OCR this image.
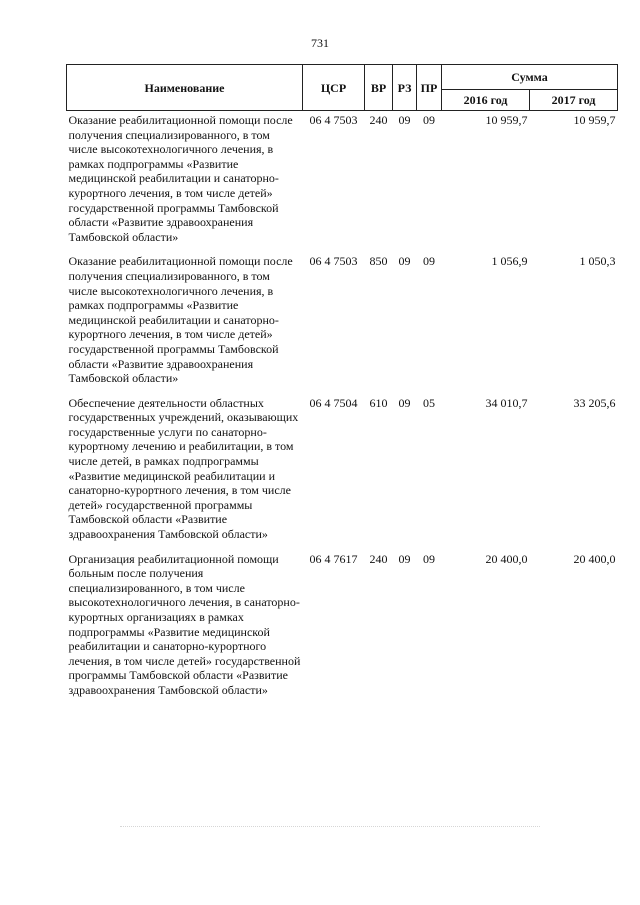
731
Наименование	ЦСР	ВР	РЗ	ПР	Сумма	
					2016 год	2017 год
Оказание реабилитационной помощи после получения специализированного, в том числе высокотехнологичного лечения, в рамках подпрограммы «Развитие медицинской реабилитации и санаторно-курортного лечения, в том числе детей» государственной программы Тамбовской области «Развитие здравоохранения Тамбовской области»	06 4 7503	240	09	09	10 959,7	10 959,7
Оказание реабилитационной помощи после получения специализированного, в том числе высокотехнологичного лечения, в рамках подпрограммы «Развитие медицинской реабилитации и санаторно-курортного лечения, в том числе детей» государственной программы Тамбовской области «Развитие здравоохранения Тамбовской области»	06 4 7503	850	09	09	1 056,9	1 050,3
Обеспечение деятельности областных государственных учреждений, оказывающих государственные услуги по санаторно-курортному лечению и реабилитации, в том числе детей, в рамках подпрограммы «Развитие медицинской реабилитации и санаторно-курортного лечения, в том числе детей» государственной программы Тамбовской области «Развитие здравоохранения Тамбовской области»	06 4 7504	610	09	05	34 010,7	33 205,6
Организация реабилитационной помощи больным после получения специализированного, в том числе высокотехнологичного лечения, в санаторно-курортных организациях в рамках подпрограммы «Развитие медицинской реабилитации и санаторно-курортного лечения, в том числе детей» государственной программы Тамбовской области «Развитие здравоохранения Тамбовской области»	06 4 7617	240	09	09	20 400,0	20 400,0
